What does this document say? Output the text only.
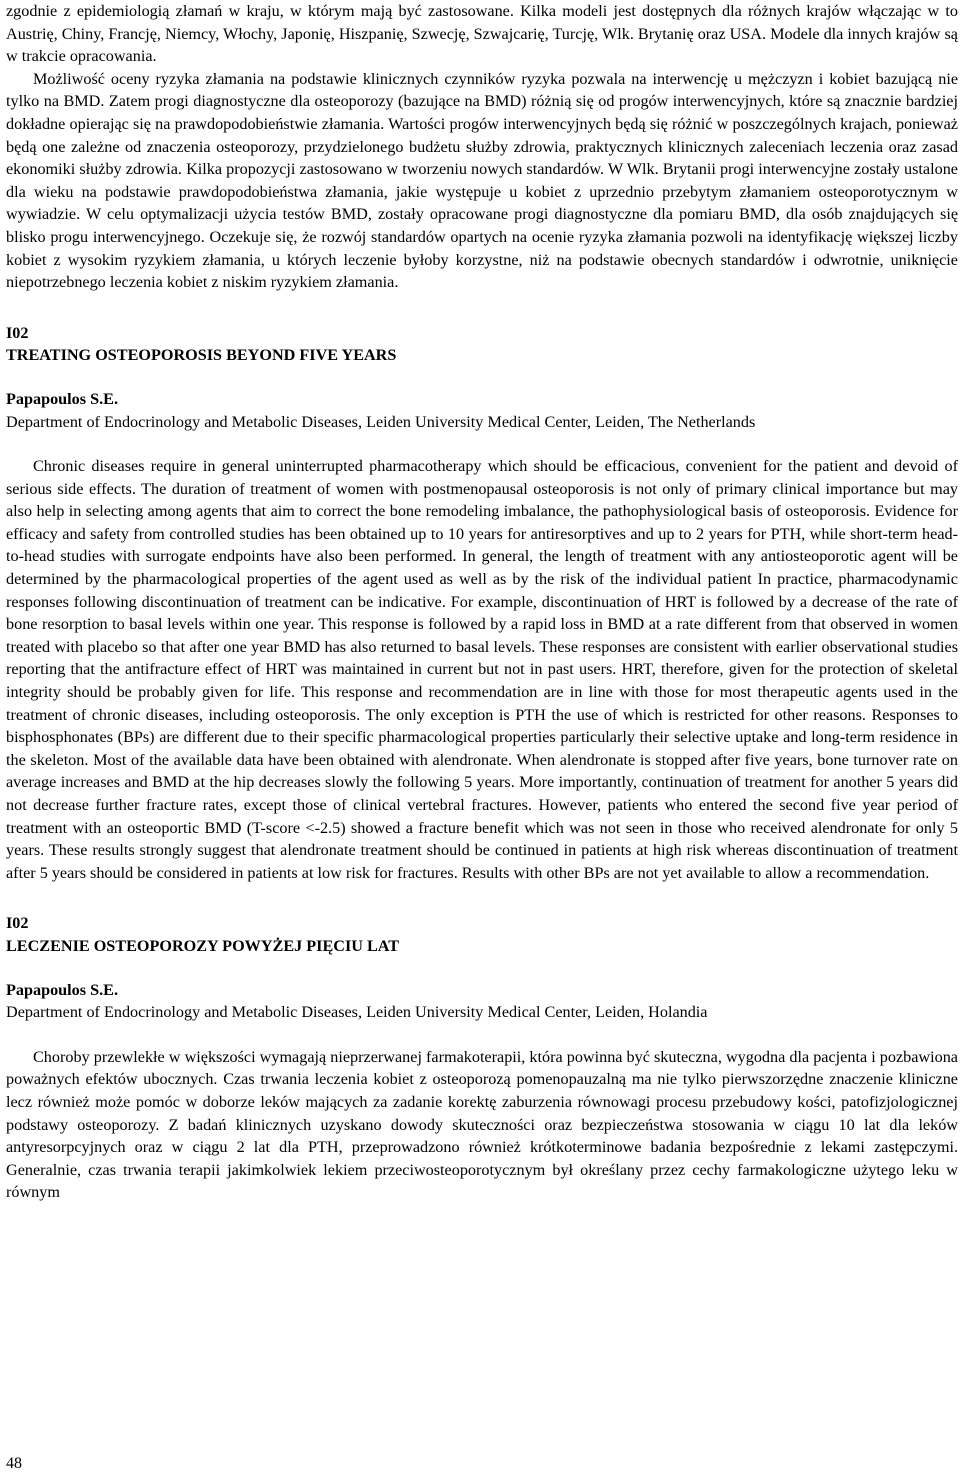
zgodnie z epidemiologią złamań w kraju, w którym mają być zastosowane. Kilka modeli jest dostępnych dla różnych krajów włączając w to Austrię, Chiny, Francję, Niemcy, Włochy, Japonię, Hiszpanię, Szwecję, Szwajcarię, Turcję, Wlk. Brytanię oraz USA. Modele dla innych krajów są w trakcie opracowania.

Możliwość oceny ryzyka złamania na podstawie klinicznych czynników ryzyka pozwala na interwencję u mężczyzn i kobiet bazującą nie tylko na BMD. Zatem progi diagnostyczne dla osteoporozy (bazujące na BMD) różnią się od progów interwencyjnych, które są znacznie bardziej dokładne opierając się na prawdopodobieństwie złamania. Wartości progów interwencyjnych będą się różnić w poszczególnych krajach, ponieważ będą one zależne od znaczenia osteoporozy, przydzielonego budżetu służby zdrowia, praktycznych klinicznych zaleceniach leczenia oraz zasad ekonomiki służby zdrowia. Kilka propozycji zastosowano w tworzeniu nowych standardów. W Wlk. Brytanii progi interwencyjne zostały ustalone dla wieku na podstawie prawdopodobieństwa złamania, jakie występuje u kobiet z uprzednio przebytym złamaniem osteoporotycznym w wywiadzie. W celu optymalizacji użycia testów BMD, zostały opracowane progi diagnostyczne dla pomiaru BMD, dla osób znajdujących się blisko progu interwencyjnego. Oczekuje się, że rozwój standardów opartych na ocenie ryzyka złamania pozwoli na identyfikację większej liczby kobiet z wysokim ryzykiem złamania, u których leczenie byłoby korzystne, niż na podstawie obecnych standardów i odwrotnie, uniknięcie niepotrzebnego leczenia kobiet z niskim ryzykiem złamania.

I02

TREATING OSTEOPOROSIS BEYOND FIVE YEARS

Papapoulos S.E.

Department of Endocrinology and Metabolic Diseases, Leiden University Medical Center, Leiden, The Netherlands

Chronic diseases require in general uninterrupted pharmacotherapy which should be efficacious, convenient for the patient and devoid of serious side effects. The duration of treatment of women with postmenopausal osteoporosis is not only of primary clinical importance but may also help in selecting among agents that aim to correct the bone remodeling imbalance, the pathophysiological basis of osteoporosis. Evidence for efficacy and safety from controlled studies has been obtained up to 10 years for antiresorptives and up to 2 years for PTH, while short-term head-to-head studies with surrogate endpoints have also been performed. In general, the length of treatment with any antiosteoporotic agent will be determined by the pharmacological properties of the agent used as well as by the risk of the individual patient In practice, pharmacodynamic responses following discontinuation of treatment can be indicative. For example, discontinuation of HRT is followed by a decrease of the rate of bone resorption to basal levels within one year. This response is followed by a rapid loss in BMD at a rate different from that observed in women treated with placebo so that after one year BMD has also returned to basal levels. These responses are consistent with earlier observational studies reporting that the antifracture effect of HRT was maintained in current but not in past users. HRT, therefore, given for the protection of skeletal integrity should be probably given for life. This response and recommendation are in line with those for most therapeutic agents used in the treatment of chronic diseases, including osteoporosis. The only exception is PTH the use of which is restricted for other reasons. Responses to bisphosphonates (BPs) are different due to their specific pharmacological properties particularly their selective uptake and long-term residence in the skeleton. Most of the available data have been obtained with alendronate. When alendronate is stopped after five years, bone turnover rate on average increases and BMD at the hip decreases slowly the following 5 years. More importantly, continuation of treatment for another 5 years did not decrease further fracture rates, except those of clinical vertebral fractures. However, patients who entered the second five year period of treatment with an osteoportic BMD (T-score <-2.5) showed a fracture benefit which was not seen in those who received alendronate for only 5 years. These results strongly suggest that alendronate treatment should be continued in patients at high risk whereas discontinuation of treatment after 5 years should be considered in patients at low risk for fractures. Results with other BPs are not yet available to allow a recommendation.

I02

LECZENIE OSTEOPOROZY POWYŻEJ PIĘCIU LAT

Papapoulos S.E.

Department of Endocrinology and Metabolic Diseases, Leiden University Medical Center, Leiden, Holandia

Choroby przewlekłe w większości wymagają nieprzerwanej farmakoterapii, która powinna być skuteczna, wygodna dla pacjenta i pozbawiona poważnych efektów ubocznych. Czas trwania leczenia kobiet z osteoporozą pomenopauzalną ma nie tylko pierwszorzędne znaczenie kliniczne lecz również może pomóc w doborze leków mających za zadanie korektę zaburzenia równowagi procesu przebudowy kości, patofizjologicznej podstawy osteoporozy. Z badań klinicznych uzyskano dowody skuteczności oraz bezpieczeństwa stosowania w ciągu 10 lat dla leków antyresorpcyjnych oraz w ciągu 2 lat dla PTH, przeprowadzono również krótkoterminowe badania bezpośrednie z lekami zastępczymi. Generalnie, czas trwania terapii jakimkolwiek lekiem przeciwosteoporotycznym był określany przez cechy farmakologiczne użytego leku w równym

48
